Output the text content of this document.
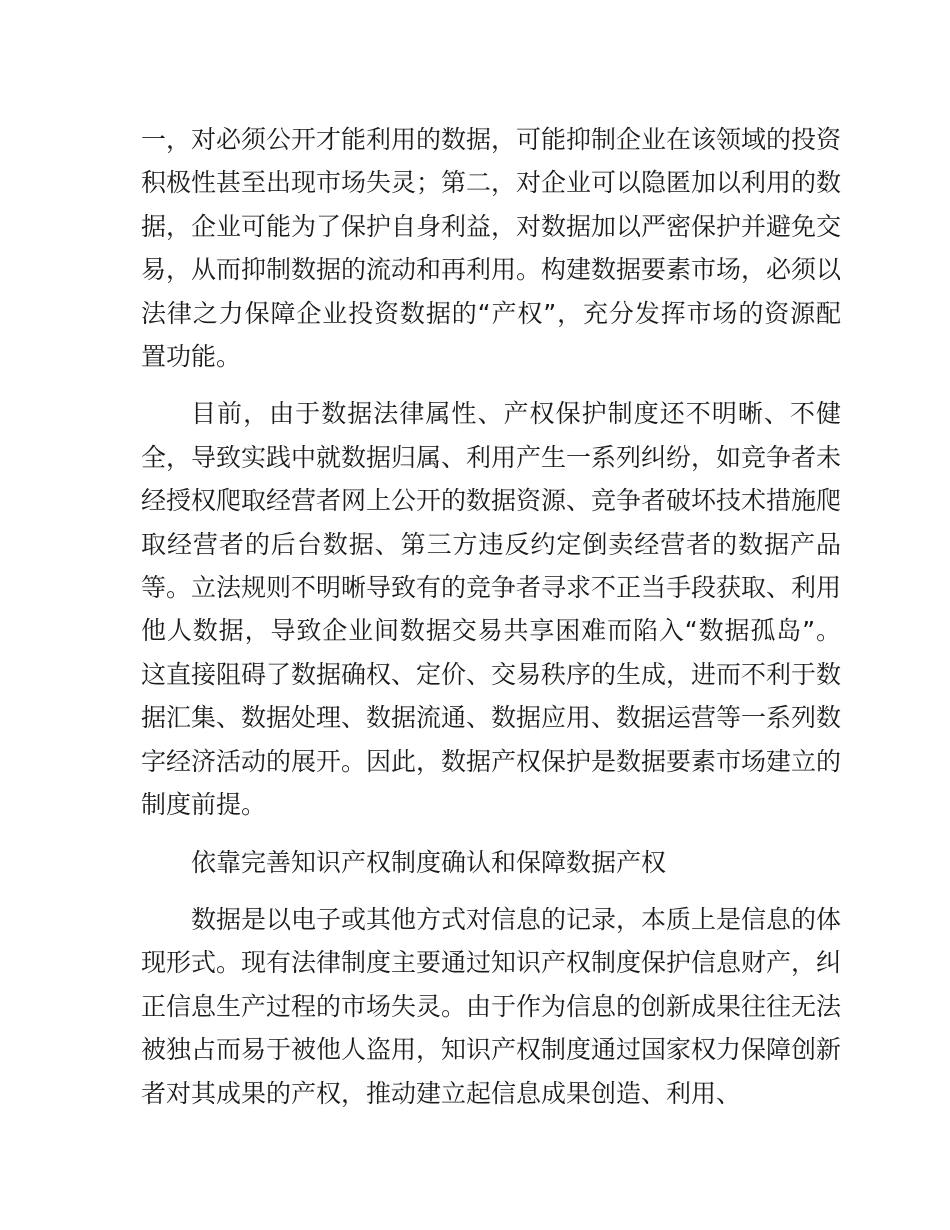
一，对必须公开才能利用的数据，可能抑制企业在该领域的投资积极性甚至出现市场失灵；第二，对企业可以隐匿加以利用的数据，企业可能为了保护自身利益，对数据加以严密保护并避免交易，从而抑制数据的流动和再利用。构建数据要素市场，必须以法律之力保障企业投资数据的“产权”，充分发挥市场的资源配置功能。

目前，由于数据法律属性、产权保护制度还不明晰、不健全，导致实践中就数据归属、利用产生一系列纠纷，如竞争者未经授权爬取经营者网上公开的数据资源、竞争者破坏技术措施爬取经营者的后台数据、第三方违反约定倒卖经营者的数据产品等。立法规则不明晰导致有的竞争者寻求不正当手段获取、利用他人数据，导致企业间数据交易共享困难而陷入“数据孤岛”。这直接阻碍了数据确权、定价、交易秩序的生成，进而不利于数据汇集、数据处理、数据流通、数据应用、数据运营等一系列数字经济活动的展开。因此，数据产权保护是数据要素市场建立的制度前提。

依靠完善知识产权制度确认和保障数据产权

数据是以电子或其他方式对信息的记录，本质上是信息的体现形式。现有法律制度主要通过知识产权制度保护信息财产，纠正信息生产过程的市场失灵。由于作为信息的创新成果往往无法被独占而易于被他人盗用，知识产权制度通过国家权力保障创新者对其成果的产权，推动建立起信息成果创造、利用、
